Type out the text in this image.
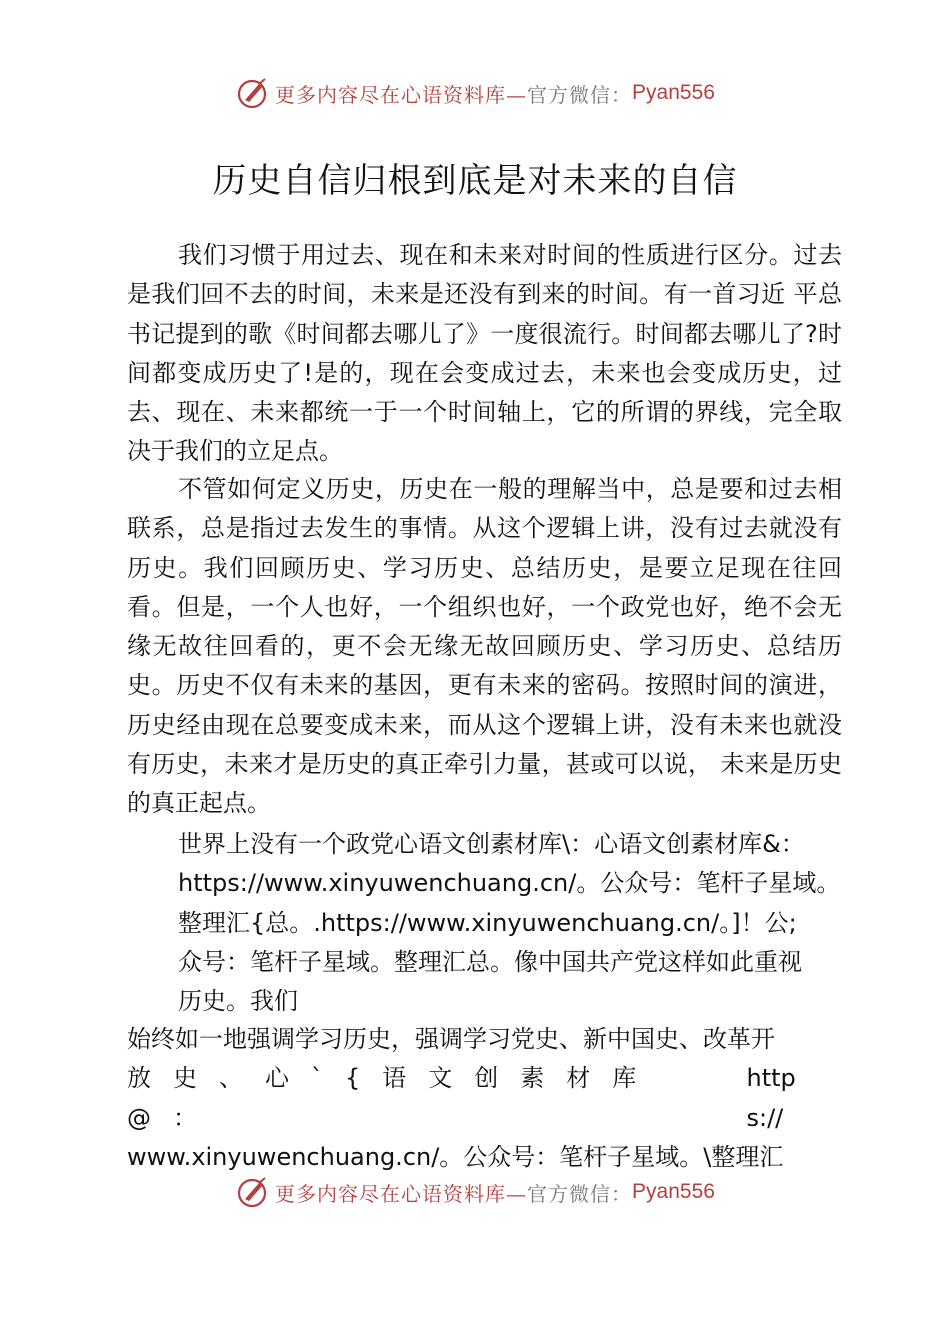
更多内容尽在心语资料库— 官方微信： Pyan556
历史自信归根到底是对未来的自信

我们习惯于用过去、现在和未来对时间的性质进行区分。过去是我们回不去的时间，未来是还没有到来的时间。有一首习近 平总书记提到的歌《时间都去哪儿了》一度很流行。时间都去哪儿了?时间都变成历史了!是的，现在会变成过去，未来也会变成历史，过去、现在、未来都统一于一个时间轴上，它的所谓的界线，完全取决于我们的立足点。

不管如何定义历史，历史在一般的理解当中，总是要和过去相联系，总是指过去发生的事情。从这个逻辑上讲，没有过去就没有历史。我们回顾历史、学习历史、总结历史，是要立足现在往回看。但是，一个人也好，一个组织也好，一个政党也好，绝不会无缘无故往回看的，更不会无缘无故回顾历史、学习历史、总结历史。历史不仅有未来的基因，更有未来的密码。按照时间的演进，历史经由现在总要变成未来，而从这个逻辑上讲，没有未来也就没有历史，未来才是历史的真正牵引力量，甚或可以说， 未来是历史的真正起点。

世界上没有一个政党心语文创素材库\：心语文创素材库&：
https://www.xinyuwenchuang.cn/。公众号：笔杆子星域。
整理汇{总。.https://www.xinyuwenchuang.cn/。]！公;
众号：笔杆子星域。整理汇总。像中国共产党这样如此重视
历史。我们
始终如一地强调学习历史，强调学习党史、新中国史、改革开
放史、心`{语文创素材库@：
https://
www.xinyuwenchuang.cn/。公众号：笔杆子星域。\整理汇
更多内容尽在心语资料库— 官方微信： Pyan556
